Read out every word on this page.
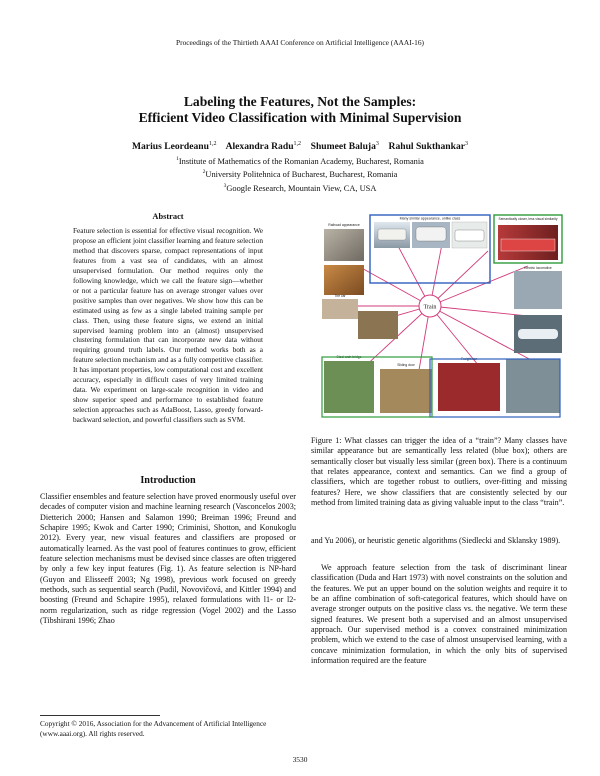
Proceedings of the Thirtieth AAAI Conference on Artificial Intelligence (AAAI-16)
Labeling the Features, Not the Samples:
Efficient Video Classification with Minimal Supervision
Marius Leordeanu$^{1,2}$ Alexandra Radu$^{1,2}$ Shumeet Baluja$^3$ Rahul Sukthankar$^3$
$^1$Institute of Mathematics of the Romanian Academy, Bucharest, Romania
$^2$University Politehnica of Bucharest, Bucharest, Romania
$^3$Google Research, Mountain View, CA, USA
Abstract
Feature selection is essential for effective visual recognition. We propose an efficient joint classifier learning and feature selection method that discovers sparse, compact representations of input features from a vast sea of candidates, with an almost unsupervised formulation. Our method requires only the following knowledge, which we call the feature sign—whether or not a particular feature has on average stronger values over positive samples than over negatives. We show how this can be estimated using as few as a single labeled training sample per class. Then, using these feature signs, we extend an initial supervised learning problem into an (almost) unsupervised clustering formulation that can incorporate new data without requiring ground truth labels. Our method works both as a feature selection mechanism and as a fully competitive classifier. It has important properties, low computational cost and excellent accuracy, especially in difficult cases of very limited training data. We experiment on large-scale recognition in video and show superior speed and performance to established feature selection approaches such as AdaBoost, Lasso, greedy forward-backward selection, and powerful classifiers such as SVM.
Introduction
Classifier ensembles and feature selection have proved enormously useful over decades of computer vision and machine learning research (Vasconcelos 2003; Dietterich 2000; Hansen and Salamon 1990; Breiman 1996; Freund and Schapire 1995; Kwok and Carter 1990; Criminisi, Shotton, and Konukoglu 2012). Every year, new visual features and classifiers are proposed or automatically learned. As the vast pool of features continues to grow, efficient feature selection mechanisms must be devised since classes are often triggered by only a few key input features (Fig. 1). As feature selection is NP-hard (Guyon and Elisseeff 2003; Ng 1998), previous work focused on greedy methods, such as sequential search (Pudil, Novovičová, and Kittler 1994) and boosting (Freund and Schapire 1995), relaxed formulations with l1- or l2-norm regularization, such as ridge regression (Vogel 2002) and the Lasso (Tibshirani 1996; Zhao
Many similar appearance, unlike class	Semantically closer, less visual similarity
Railroad appearance
Tire car
Electric locomotive
Steel arch bridge
Sliding door
Freight car
Train
Figure 1: What classes can trigger the idea of a “train”? Many classes have similar appearance but are semantically less related (blue box); others are semantically closer but visually less similar (green box). There is a continuum that relates appearance, context and semantics. Can we find a group of classifiers, which are together robust to outliers, over-fitting and missing features? Here, we show classifiers that are consistently selected by our method from limited training data as giving valuable input to the class “train”.
and Yu 2006), or heuristic genetic algorithms (Siedlecki and Sklansky 1989).
We approach feature selection from the task of discriminant linear classification (Duda and Hart 1973) with novel constraints on the solution and the features. We put an upper bound on the solution weights and require it to be an affine combination of soft-categorical features, which should have on average stronger outputs on the positive class vs. the negative. We term these signed features. We present both a supervised and an almost unsupervised approach. Our supervised method is a convex constrained minimization problem, which we extend to the case of almost unsupervised learning, with a concave minimization formulation, in which the only bits of supervised information required are the feature
Copyright © 2016, Association for the Advancement of Artificial Intelligence (www.aaai.org). All rights reserved.
3530
